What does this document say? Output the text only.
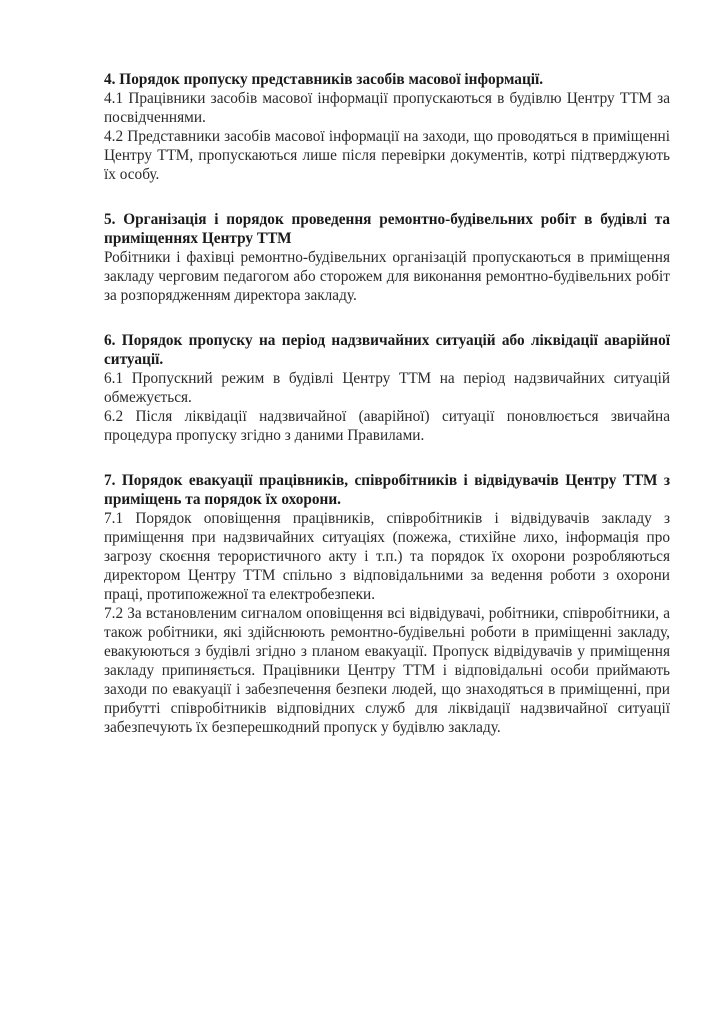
4. Порядок пропуску представників засобів масової інформації.

4.1 Працівники засобів масової інформації пропускаються в будівлю Центру ТТМ за посвідченнями.

4.2 Представники засобів масової інформації на заходи, що проводяться в приміщенні Центру ТТМ, пропускаються лише після перевірки документів, котрі підтверджують їх особу.

5. Організація і порядок проведення ремонтно-будівельних робіт в будівлі та приміщеннях Центру ТТМ

Робітники і фахівці ремонтно-будівельних організацій пропускаються в приміщення закладу черговим педагогом або сторожем для виконання ремонтно-будівельних робіт за розпорядженням директора закладу.

6. Порядок пропуску на період надзвичайних ситуацій або ліквідації аварійної ситуації.

6.1 Пропускний режим в будівлі Центру ТТМ на період надзвичайних ситуацій обмежується.

6.2 Після ліквідації надзвичайної (аварійної) ситуації поновлюється звичайна процедура пропуску згідно з даними Правилами.

7. Порядок евакуації працівників, співробітників і відвідувачів Центру ТТМ з приміщень та порядок їх охорони.

7.1 Порядок оповіщення працівників, співробітників і відвідувачів закладу з приміщення при надзвичайних ситуаціях (пожежа, стихійне лихо, інформація про загрозу скоєння терористичного акту і т.п.) та порядок їх охорони розробляються директором Центру ТТМ спільно з відповідальними за ведення роботи з охорони праці, протипожежної та електробезпеки.

7.2 За встановленим сигналом оповіщення всі відвідувачі, робітники, співробітники, а також робітники, які здійснюють ремонтно-будівельні роботи в приміщенні закладу, евакуюються з будівлі згідно з планом евакуації. Пропуск відвідувачів у приміщення закладу припиняється. Працівники Центру ТТМ і відповідальні особи приймають заходи по евакуації і забезпечення безпеки людей, що знаходяться в приміщенні, при прибутті співробітників відповідних служб для ліквідації надзвичайної ситуації забезпечують їх безперешкодний пропуск у будівлю закладу.
